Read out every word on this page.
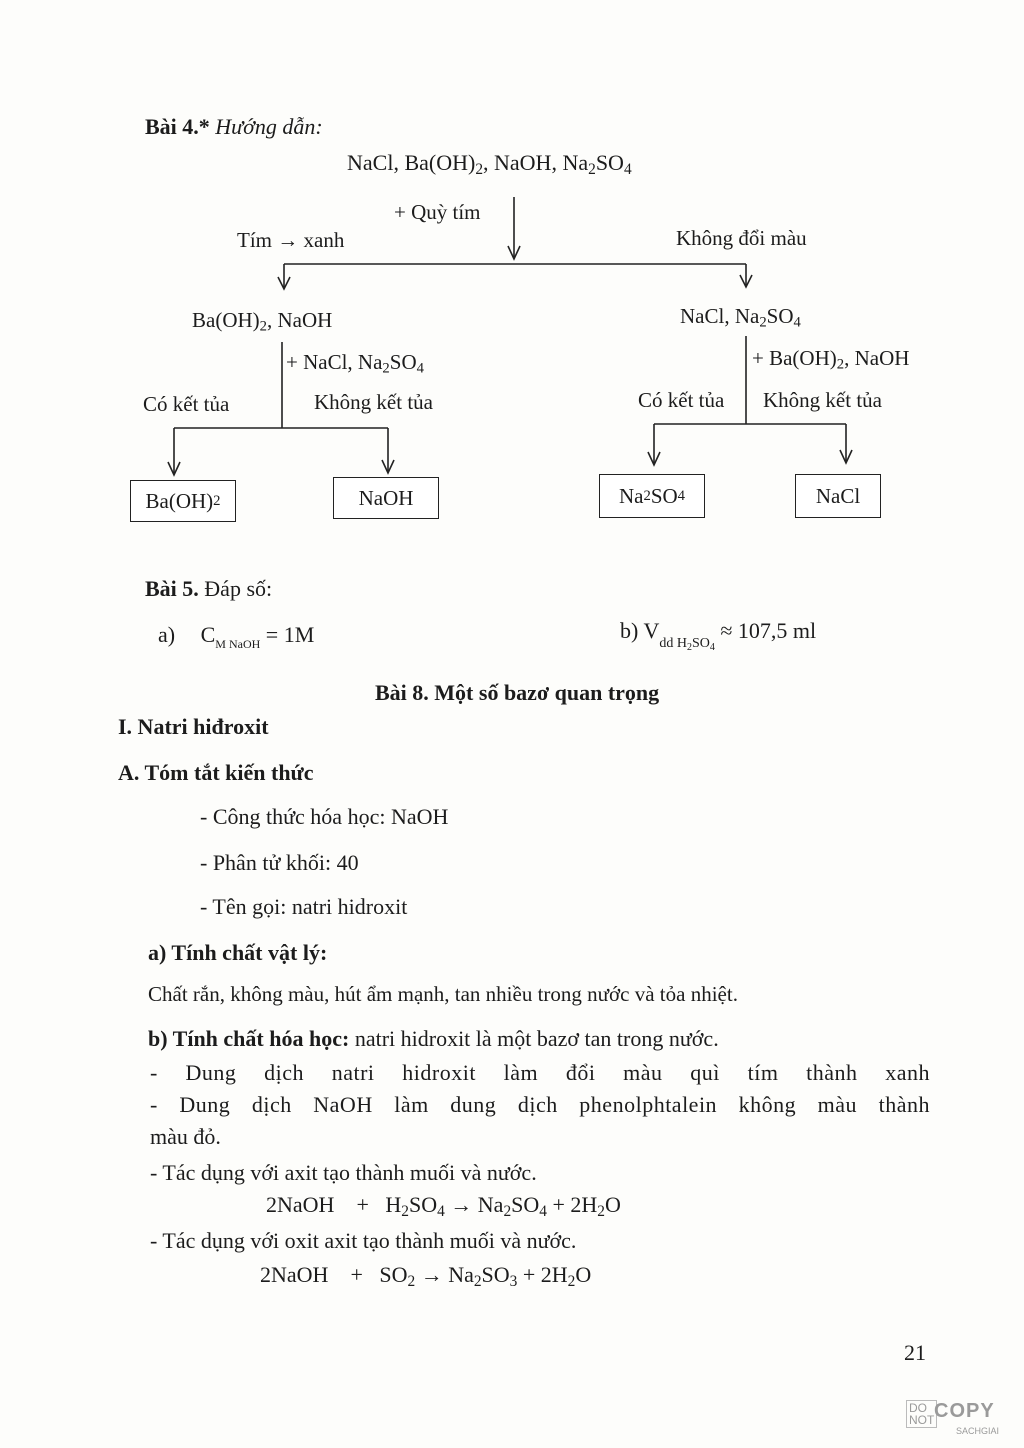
Bài 4.* Hướng dẫn:
NaCl, $Ba(OH)_2$, NaOH, $Na_2SO_4$
+ Quỳ tím
Tím → xanh	Không đổi màu
$Ba(OH)_2$, NaOH	NaCl, $Na_2SO_4$
+ NaCl, $Na_2SO_4$	+ $Ba(OH)_2$, NaOH
Có kết tủa	Không kết tủa	Có kết tủa Không kết tủa
Ba(OH) 2	NaOH	Na 2 SO 4	NaCl
Bài 5. Đáp số:
a) $C_{M NaOH} = 1M$	b) $V_{dd H_2SO_4} \approx 107,5$ ml
Bài 8. Một số bazơ quan trọng
I. Natri hiđroxit
A. Tóm tắt kiến thức
- Công thức hóa học: NaOH
- Phân tử khối: 40
- Tên gọi: natri hidroxit
a) Tính chất vật lý:
Chất rắn, không màu, hút ẩm mạnh, tan nhiều trong nước và tỏa nhiệt.
b) Tính chất hóa học: natri hidroxit là một bazơ tan trong nước.
- Dung dịch natri hidroxit làm đổi màu quì tím thành xanh
- Dung dịch NaOH làm dung dịch phenolphtalein không màu thành
màu đỏ.
- Tác dụng với axit tạo thành muối và nước.
2NaOH + $H_2SO_4 \to Na_2SO_4 + 2H_2O$
- Tác dụng với oxit axit tạo thành muối và nước.
2NaOH + $SO_2 \to Na_2SO_3 + 2H_2O$
21
DO
NOT COPY
SACHGIAI
